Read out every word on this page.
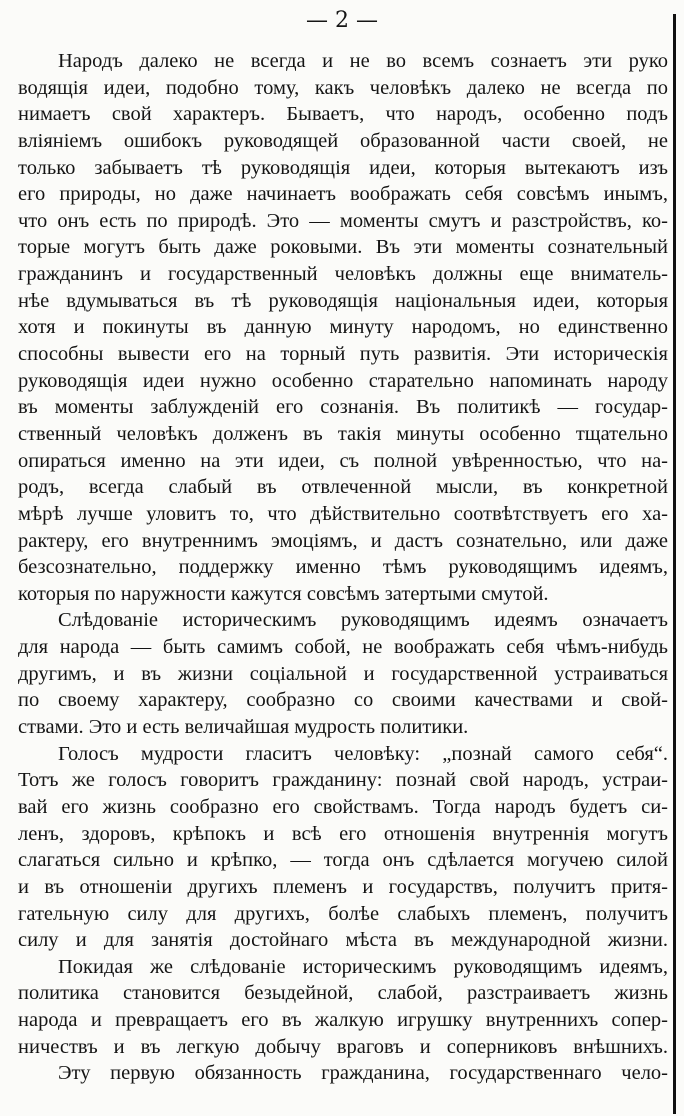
— 2 —
Народъ далеко не всегда и не во всемъ сознаетъ эти руко
водящія идеи, подобно тому, какъ человѣкъ далеко не всегда по
нимаетъ свой характеръ. Бываетъ, что народъ, особенно подъ
вліяніемъ ошибокъ руководящей образованной части своей, не
только забываетъ тѣ руководящія идеи, которыя вытекаютъ изъ
его природы, но даже начинаетъ воображать себя совсѣмъ инымъ,
что онъ есть по природѣ. Это — моменты смутъ и разстройствъ, ко-
торые могутъ быть даже роковыми. Въ эти моменты сознательный
гражданинъ и государственный человѣкъ должны еще вниматель-
нѣе вдумываться въ тѣ руководящія національныя идеи, которыя
хотя и покинуты въ данную минуту народомъ, но единственно
способны вывести его на торный путь развитія. Эти историческія
руководящія идеи нужно особенно старательно напоминать народу
въ моменты заблужденій его сознанія. Въ политикѣ — государ-
ственный человѣкъ долженъ въ такія минуты особенно тщательно
опираться именно на эти идеи, съ полной увѣренностью, что на-
родъ, всегда слабый въ отвлеченной мысли, въ конкретной
мѣрѣ лучше уловитъ то, что дѣйствительно соотвѣтствуетъ его ха-
рактеру, его внутреннимъ эмоціямъ, и дастъ сознательно, или даже
безсознательно, поддержку именно тѣмъ руководящимъ идеямъ,
которыя по наружности кажутся совсѣмъ затертыми смутой.
Слѣдованіе историческимъ руководящимъ идеямъ означаетъ
для народа — быть самимъ собой, не воображать себя чѣмъ-нибудь
другимъ, и въ жизни соціальной и государственной устраиваться
по своему характеру, сообразно со своими качествами и свой-
ствами. Это и есть величайшая мудрость политики.
Голосъ мудрости гласитъ человѣку: „познай самого себя“.
Тотъ же голосъ говоритъ гражданину: познай свой народъ, устраи-
вай его жизнь сообразно его свойствамъ. Тогда народъ будетъ си-
ленъ, здоровъ, крѣпокъ и всѣ его отношенія внутреннія могутъ
слагаться сильно и крѣпко, — тогда онъ сдѣлается могучею силой
и въ отношеніи другихъ племенъ и государствъ, получитъ притя-
гательную силу для другихъ, болѣе слабыхъ племенъ, получитъ
силу и для занятія достойнаго мѣста въ международной жизни.
Покидая же слѣдованіе историческимъ руководящимъ идеямъ,
политика становится безыдейной, слабой, разстраиваетъ жизнь
народа и превращаетъ его въ жалкую игрушку внутреннихъ сопер-
ничествъ и въ легкую добычу враговъ и соперниковъ внѣшнихъ.
Эту первую обязанность гражданина, государственнаго чело-
